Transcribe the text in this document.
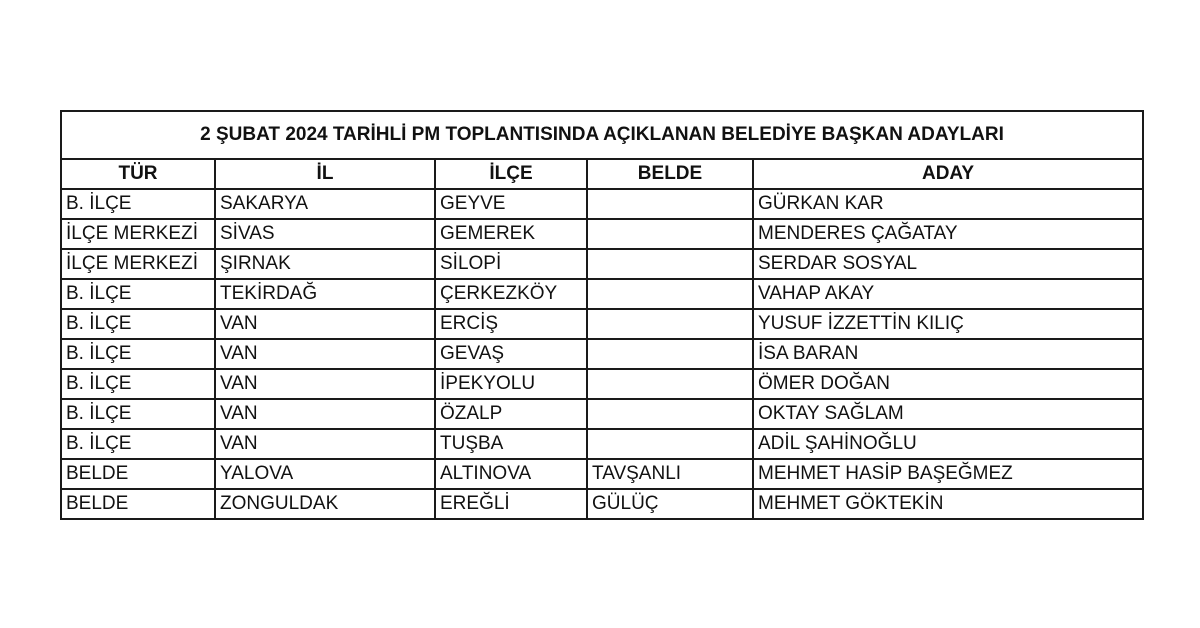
2 ŞUBAT 2024 TARİHLİ PM TOPLANTISINDA AÇIKLANAN BELEDİYE BAŞKAN ADAYLARI				
TÜR	İL	İLÇE	BELDE	ADAY
B. İLÇE	SAKARYA	GEYVE		GÜRKAN KAR
İLÇE MERKEZİ	SİVAS	GEMEREK		MENDERES ÇAĞATAY
İLÇE MERKEZİ	ŞIRNAK	SİLOPİ		SERDAR SOSYAL
B. İLÇE	TEKİRDAĞ	ÇERKEZKÖY		VAHAP AKAY
B. İLÇE	VAN	ERCİŞ		YUSUF İZZETTİN KILIÇ
B. İLÇE	VAN	GEVAŞ		İSA BARAN
B. İLÇE	VAN	İPEKYOLU		ÖMER DOĞAN
B. İLÇE	VAN	ÖZALP		OKTAY SAĞLAM
B. İLÇE	VAN	TUŞBA		ADİL ŞAHİNOĞLU
BELDE	YALOVA	ALTINOVA	TAVŞANLI	MEHMET HASİP BAŞEĞMEZ
BELDE	ZONGULDAK	EREĞLİ	GÜLÜÇ	MEHMET GÖKTEKİN
